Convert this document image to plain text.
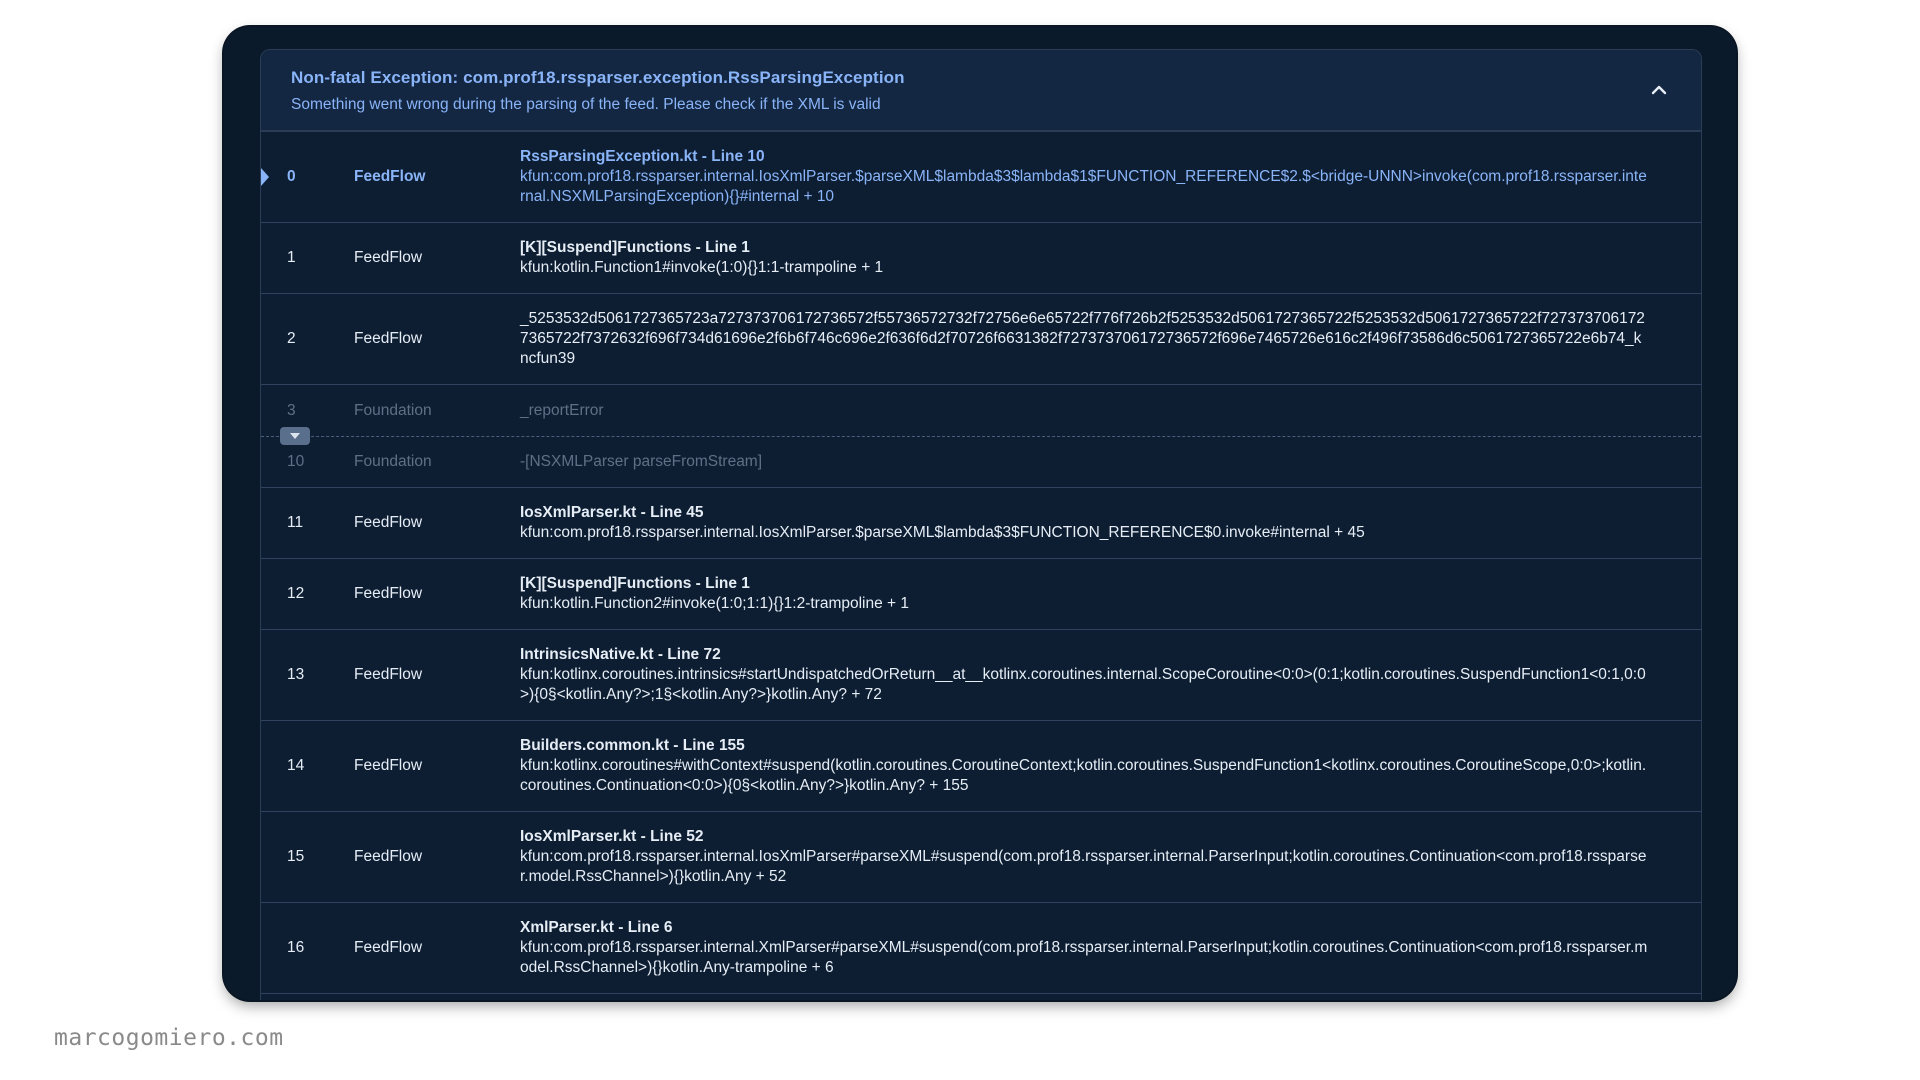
Non-fatal Exception: com.prof18.rssparser.exception.RssParsingException
Something went wrong during the parsing of the feed. Please check if the XML is valid
0	FeedFlow
RssParsingException.kt - Line 10
kfun:com.prof18.rssparser.internal.IosXmlParser.$parseXML$lambda$3$lambda$1$FUNCTION_REFERENCE$2.$<bridge-UNNN>invoke(com.prof18.rssparser.internal.NSXMLParsingException){}#internal + 10
1	FeedFlow
[K][Suspend]Functions - Line 1
kfun:kotlin.Function1#invoke(1:0){}1:1-trampoline + 1
2	FeedFlow
_5253532d5061727365723a727373706172736572f55736572732f72756e6e65722f776f726b2f5253532d5061727365722f5253532d5061727365722f7273737061727365722f7372632f696f734d61696e2f6b6f746c696e2f636f6d2f70726f6631382f727373706172736572f696e7465726e616c2f496f73586d6c5061727365722e6b74_kncfun39
3	Foundation	_reportError
10	Foundation	-[NSXMLParser parseFromStream]
11	FeedFlow
IosXmlParser.kt - Line 45
kfun:com.prof18.rssparser.internal.IosXmlParser.$parseXML$lambda$3$FUNCTION_REFERENCE$0.invoke#internal + 45
12	FeedFlow
[K][Suspend]Functions - Line 1
kfun:kotlin.Function2#invoke(1:0;1:1){}1:2-trampoline + 1
13	FeedFlow
IntrinsicsNative.kt - Line 72
kfun:kotlinx.coroutines.intrinsics#startUndispatchedOrReturn__at__kotlinx.coroutines.internal.ScopeCoroutine<0:0>(0:1;kotlin.coroutines.SuspendFunction1<0:1,0:0>){0§<kotlin.Any?>;1§<kotlin.Any?>}kotlin.Any? + 72
14	FeedFlow
Builders.common.kt - Line 155
kfun:kotlinx.coroutines#withContext#suspend(kotlin.coroutines.CoroutineContext;kotlin.coroutines.SuspendFunction1<kotlinx.coroutines.CoroutineScope,0:0>;kotlin.coroutines.Continuation<0:0>){0§<kotlin.Any?>}kotlin.Any? + 155
15	FeedFlow
IosXmlParser.kt - Line 52
kfun:com.prof18.rssparser.internal.IosXmlParser#parseXML#suspend(com.prof18.rssparser.internal.ParserInput;kotlin.coroutines.Continuation<com.prof18.rssparser.model.RssChannel>){}kotlin.Any + 52
16	FeedFlow
XmlParser.kt - Line 6
kfun:com.prof18.rssparser.internal.XmlParser#parseXML#suspend(com.prof18.rssparser.internal.ParserInput;kotlin.coroutines.Continuation<com.prof18.rssparser.model.RssChannel>){}kotlin.Any-trampoline + 6
marcogomiero.com
